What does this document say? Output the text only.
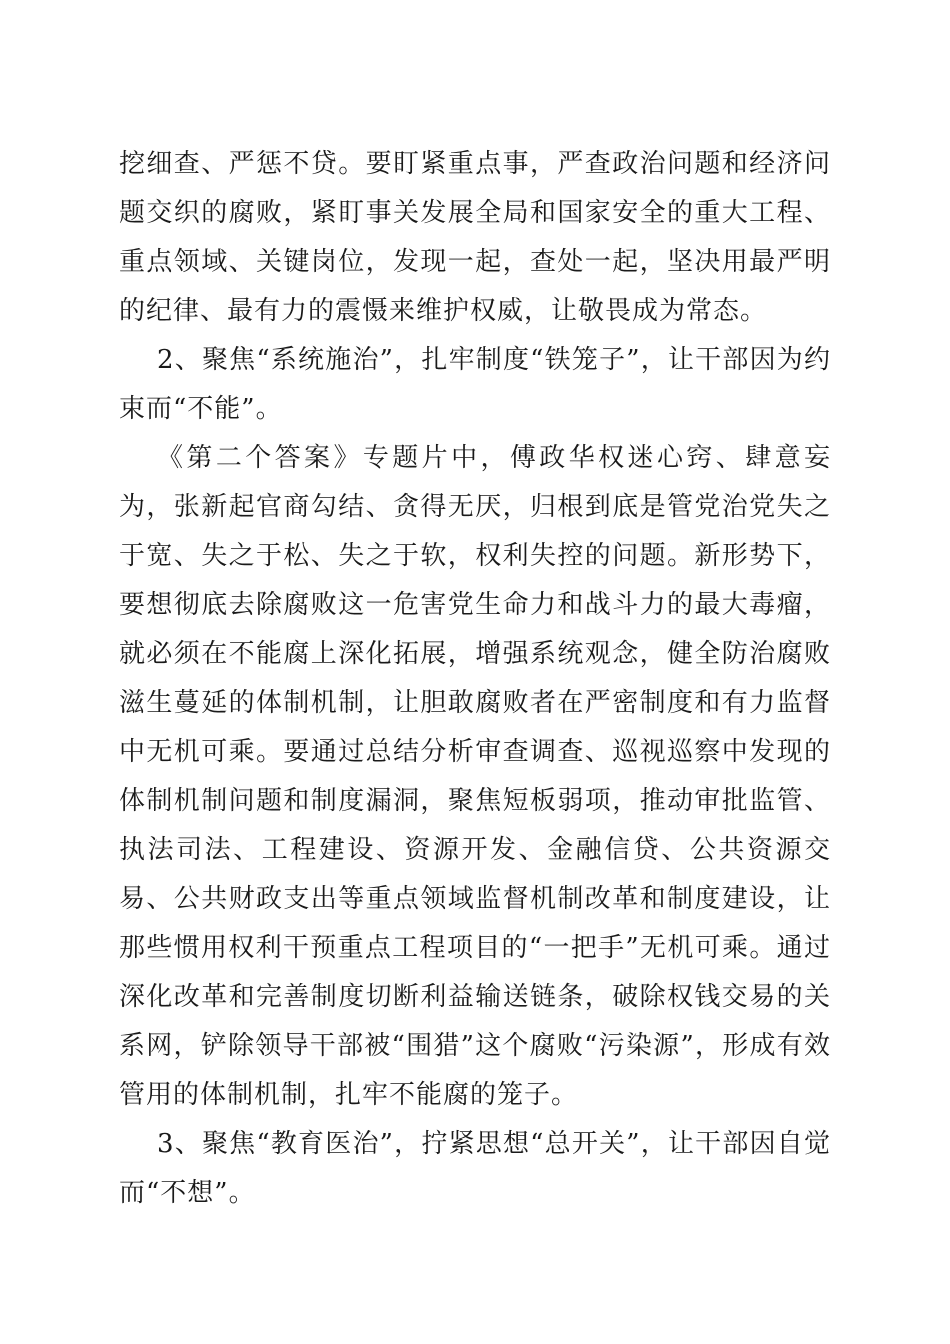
挖细查、严惩不贷。要盯紧重点事，严查政治问题和经济问题交织的腐败，紧盯事关发展全局和国家安全的重大工程、重点领域、关键岗位，发现一起，查处一起，坚决用最严明的纪律、最有力的震慑来维护权威，让敬畏成为常态。

2、聚焦“系统施治”，扎牢制度“铁笼子”，让干部因为约束而“不能”。

《第二个答案》专题片中，傅政华权迷心窍、肆意妄为，张新起官商勾结、贪得无厌，归根到底是管党治党失之于宽、失之于松、失之于软，权利失控的问题。新形势下，要想彻底去除腐败这一危害党生命力和战斗力的最大毒瘤，就必须在不能腐上深化拓展，增强系统观念，健全防治腐败滋生蔓延的体制机制，让胆敢腐败者在严密制度和有力监督中无机可乘。要通过总结分析审查调查、巡视巡察中发现的体制机制问题和制度漏洞，聚焦短板弱项，推动审批监管、执法司法、工程建设、资源开发、金融信贷、公共资源交易、公共财政支出等重点领域监督机制改革和制度建设，让那些惯用权利干预重点工程项目的“一把手”无机可乘。通过深化改革和完善制度切断利益输送链条，破除权钱交易的关系网，铲除领导干部被“围猎”这个腐败“污染源”，形成有效管用的体制机制，扎牢不能腐的笼子。

3、聚焦“教育医治”，拧紧思想“总开关”，让干部因自觉而“不想”。
